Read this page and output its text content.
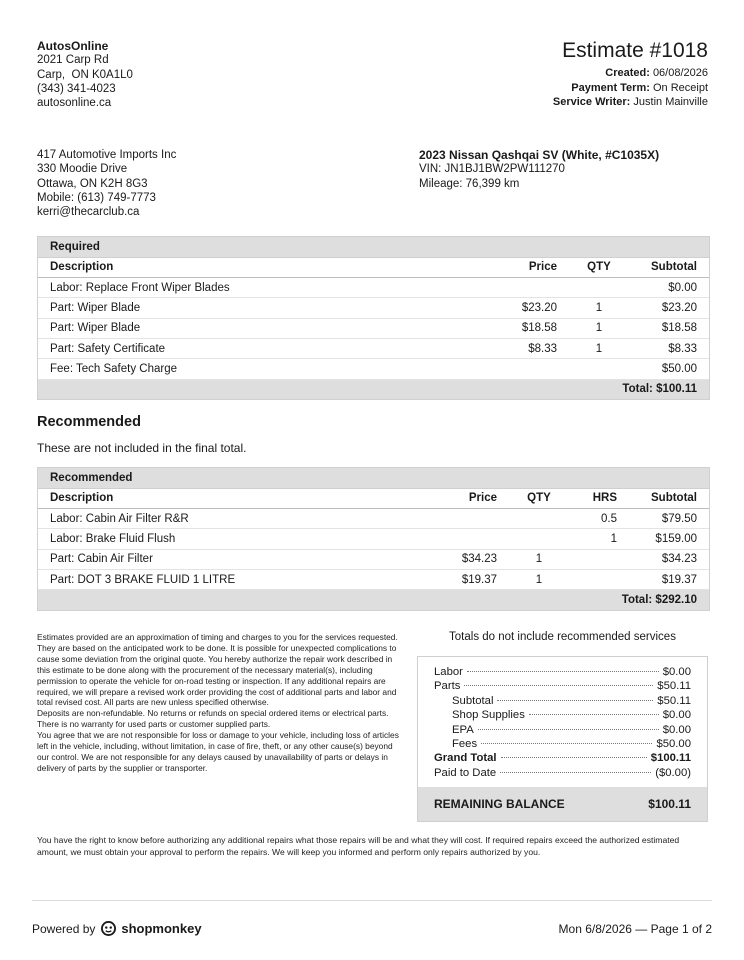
AutosOnline
2021 Carp Rd
Carp,  ON K0A1L0
(343) 341-4023
autosonline.ca
Estimate #1018
Created: 06/08/2026
Payment Term: On Receipt
Service Writer: Justin Mainville
417 Automotive Imports Inc
330 Moodie Drive
Ottawa, ON K2H 8G3
Mobile: (613) 749-7773
kerri@thecarclub.ca
2023 Nissan Qashqai SV (White, #C1035X)
VIN: JN1BJ1BW2PW111270
Mileage: 76,399 km
Required			
Description	Price	QTY	Subtotal
Labor: Replace Front Wiper Blades			$0.00
Part: Wiper Blade	$23.20	1	$23.20
Part: Wiper Blade	$18.58	1	$18.58
Part: Safety Certificate	$8.33	1	$8.33
Fee: Tech Safety Charge			$50.00
Total: $100.11			
Recommended
These are not included in the final total.
Recommended				
Description	Price	QTY	HRS	Subtotal
Labor: Cabin Air Filter R&R			0.5	$79.50
Labor: Brake Fluid Flush			1	$159.00
Part: Cabin Air Filter	$34.23	1		$34.23
Part: DOT 3 BRAKE FLUID 1 LITRE	$19.37	1		$19.37
Total: $292.10				

Estimates provided are an approximation of timing and charges to you for the services requested. They are based on the anticipated work to be done. It is possible for unexpected complications to cause some deviation from the original quote. You hereby authorize the repair work described in this estimate to be done along with the procurement of the necessary material(s), including permission to operate the vehicle for on-road testing or inspection. If any additional repairs are required, we will prepare a revised work order providing the cost of additional parts and labor and total revised cost. All parts are new unless specified otherwise.

Deposits are non-refundable. No returns or refunds on special ordered items or electrical parts. There is no warranty for used parts or customer supplied parts.

You agree that we are not responsible for loss or damage to your vehicle, including loss of articles left in the vehicle, including, without limitation, in case of fire, theft, or any other cause(s) beyond our control. We are not responsible for any delays caused by unavailability of parts or delays in delivery of parts by the supplier or transporter.

Totals do not include recommended services
Labor	$0.00
Parts	$50.11
Subtotal	$50.11
Shop Supplies	$0.00
EPA	$0.00
Fees	$50.00
Grand Total	$100.11
Paid to Date	($0.00)
REMAINING BALANCE	$100.11
You have the right to know before authorizing any additional repairs what those repairs will be and what they will cost. If required repairs exceed the authorized estimated amount, we must obtain your approval to perform the repairs. We will keep you informed and perform only repairs authorized by you.
Powered by shopmonkey	Mon 6/8/2026 — Page 1 of 2
